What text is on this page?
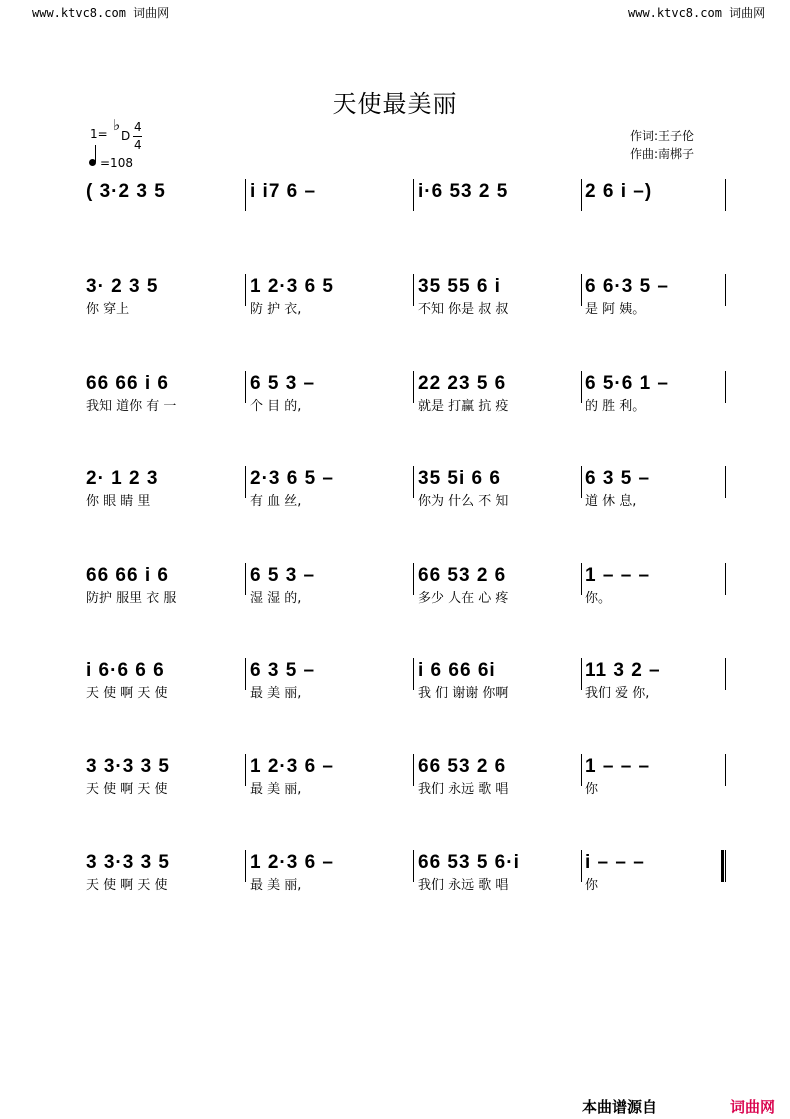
www.ktvc8.com 词曲网	www.ktvc8.com 词曲网
天使最美丽
1= ♭
D
4
4
=108
作词:王子伦
作曲:南梆子
( 3·2 3 5	i i7 6 –	i·6 53 2 5	2 6 i –)
3· 2 3 5
你 穿上
1 2·3 6 5
防 护 衣,
35 55 6 i
不知 你是 叔 叔
6 6·3 5 –
是 阿 姨。
66 66 i 6
我知 道你 有 一
6 5 3 –
个 目 的,
22 23 5 6
就是 打赢 抗 疫
6 5·6 1 –
的 胜 利。
2· 1 2 3
你 眼 睛 里
2·3 6 5 –
有 血 丝,
35 5i 6 6
你为 什么 不 知
6 3 5 –
道 休 息,
66 66 i 6
防护 服里 衣 服
6 5 3 –
湿 湿 的,
66 53 2 6
多少 人在 心 疼
1 – – –
你。
i 6·6 6 6
天 使 啊 天 使
6 3 5 –
最 美 丽,
i 6 66 6i
我 们 谢谢 你啊
11 3 2 –
我们 爱 你,
3 3·3 3 5
天 使 啊 天 使
1 2·3 6 –
最 美 丽,
66 53 2 6
我们 永远 歌 唱
1 – – –
你
3 3·3 3 5
天 使 啊 天 使
1 2·3 6 –
最 美 丽,
66 53 5 6·i
我们 永远 歌 唱
i – – –
你
本曲谱源自	词曲网
